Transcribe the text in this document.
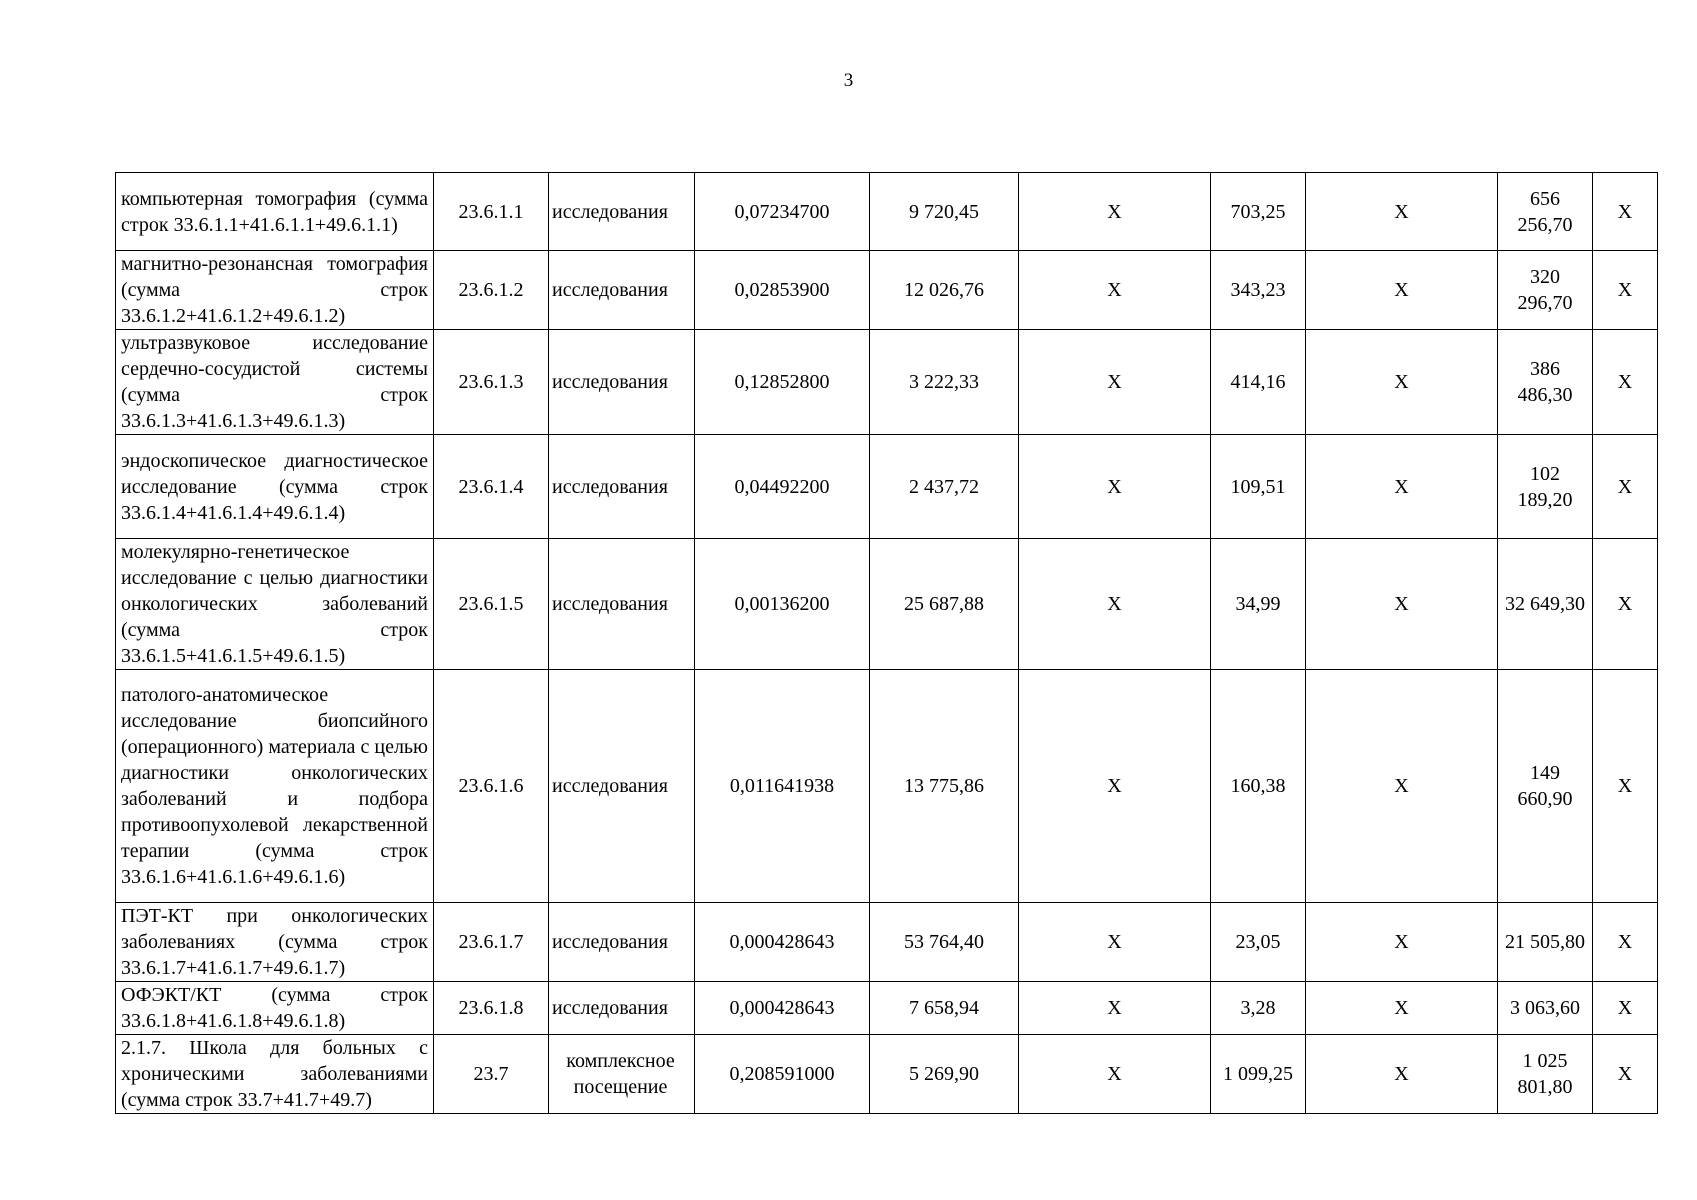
3
компьютерная томография (сумма строк 33.6.1.1+41.6.1.1+49.6.1.1)	23.6.1.1	исследования	0,07234700	9 720,45	Х	703,25	Х	656 256,70	Х
магнитно-резонансная томография (сумма строк 33.6.1.2+41.6.1.2+49.6.1.2)	23.6.1.2	исследования	0,02853900	12 026,76	Х	343,23	Х	320 296,70	Х
ультразвуковое исследование сердечно-сосудистой системы (сумма строк 33.6.1.3+41.6.1.3+49.6.1.3)	23.6.1.3	исследования	0,12852800	3 222,33	Х	414,16	Х	386 486,30	Х
эндоскопическое диагностическое исследование (сумма строк 33.6.1.4+41.6.1.4+49.6.1.4)	23.6.1.4	исследования	0,04492200	2 437,72	Х	109,51	Х	102 189,20	Х
молекулярно-генетическое исследование с целью диагностики онкологических заболеваний (сумма строк 33.6.1.5+41.6.1.5+49.6.1.5)	23.6.1.5	исследования	0,00136200	25 687,88	Х	34,99	Х	32 649,30	Х
патолого-анатомическое исследование биопсийного (операционного) материала с целью диагностики онкологических заболеваний и подбора противоопухолевой лекарственной терапии (сумма строк 33.6.1.6+41.6.1.6+49.6.1.6)	23.6.1.6	исследования	0,011641938	13 775,86	Х	160,38	Х	149 660,90	Х
ПЭТ-КТ при онкологических заболеваниях (сумма строк 33.6.1.7+41.6.1.7+49.6.1.7)	23.6.1.7	исследования	0,000428643	53 764,40	Х	23,05	Х	21 505,80	Х
ОФЭКТ/КТ (сумма строк 33.6.1.8+41.6.1.8+49.6.1.8)	23.6.1.8	исследования	0,000428643	7 658,94	Х	3,28	Х	3 063,60	Х
2.1.7. Школа для больных с хроническими заболеваниями (сумма строк 33.7+41.7+49.7)	23.7	комплексное посещение	0,208591000	5 269,90	Х	1 099,25	Х	1 025 801,80	Х
